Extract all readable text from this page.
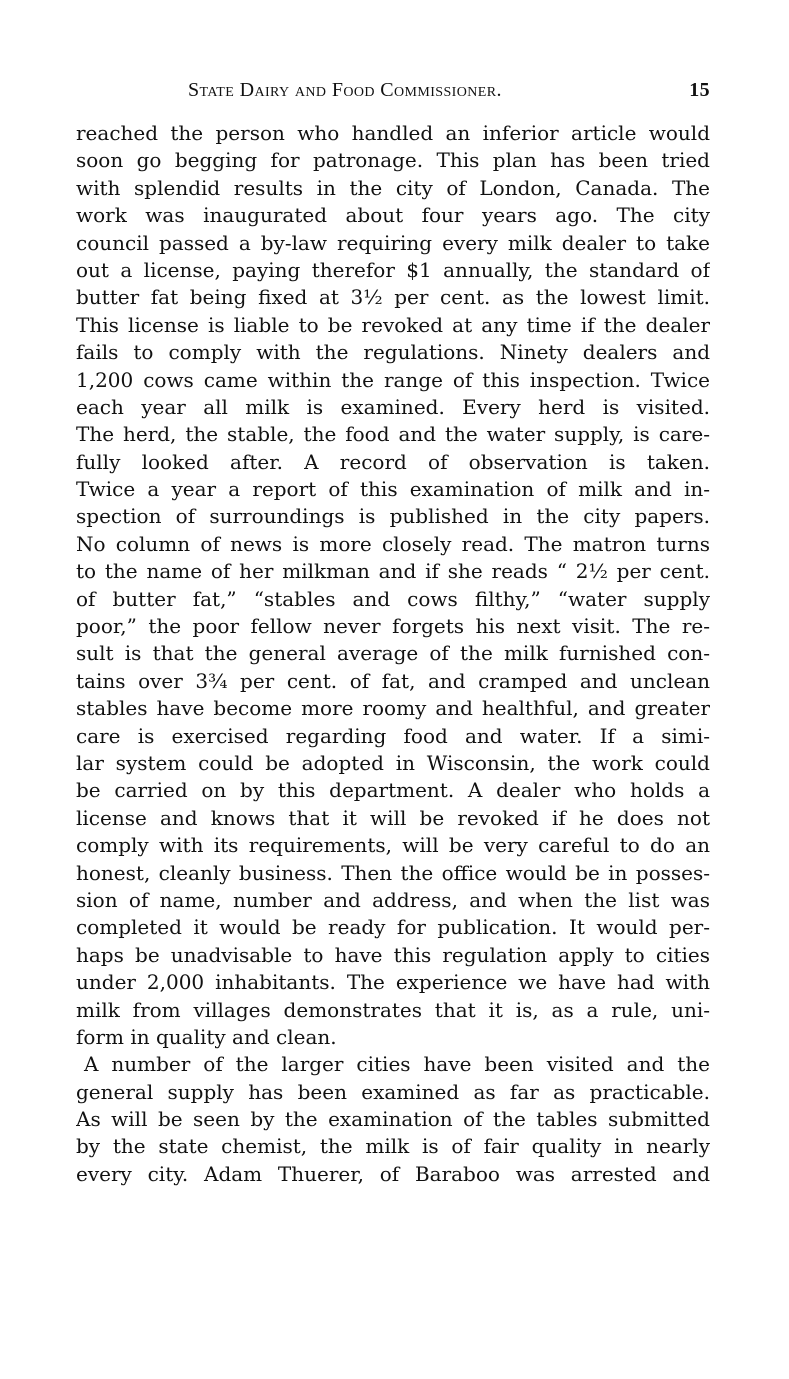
State Dairy and Food Commissioner.	15
reached the person who handled an inferior article would
soon go begging for patronage. This plan has been tried
with splendid results in the city of London, Canada. The
work was inaugurated about four years ago. The city
council passed a by-law requiring every milk dealer to take
out a license, paying therefor $1 annually, the standard of
butter fat being fixed at 3½ per cent. as the lowest limit.
This license is liable to be revoked at any time if the dealer
fails to comply with the regulations. Ninety dealers and
1,200 cows came within the range of this inspection. Twice
each year all milk is examined. Every herd is visited.
The herd, the stable, the food and the water supply, is care-
fully looked after. A record of observation is taken.
Twice a year a report of this examination of milk and in-
spection of surroundings is published in the city papers.
No column of news is more closely read. The matron turns
to the name of her milkman and if she reads “ 2½ per cent.
of butter fat,” “stables and cows filthy,” “water supply
poor,” the poor fellow never forgets his next visit. The re-
sult is that the general average of the milk furnished con-
tains over 3¾ per cent. of fat, and cramped and unclean
stables have become more roomy and healthful, and greater
care is exercised regarding food and water. If a simi-
lar system could be adopted in Wisconsin, the work could
be carried on by this department. A dealer who holds a
license and knows that it will be revoked if he does not
comply with its requirements, will be very careful to do an
honest, cleanly business. Then the office would be in posses-
sion of name, number and address, and when the list was
completed it would be ready for publication. It would per-
haps be unadvisable to have this regulation apply to cities
under 2,000 inhabitants. The experience we have had with
milk from villages demonstrates that it is, as a rule, uni-
form in quality and clean.
A number of the larger cities have been visited and the
general supply has been examined as far as practicable.
As will be seen by the examination of the tables submitted
by the state chemist, the milk is of fair quality in nearly
every city. Adam Thuerer, of Baraboo was arrested and
